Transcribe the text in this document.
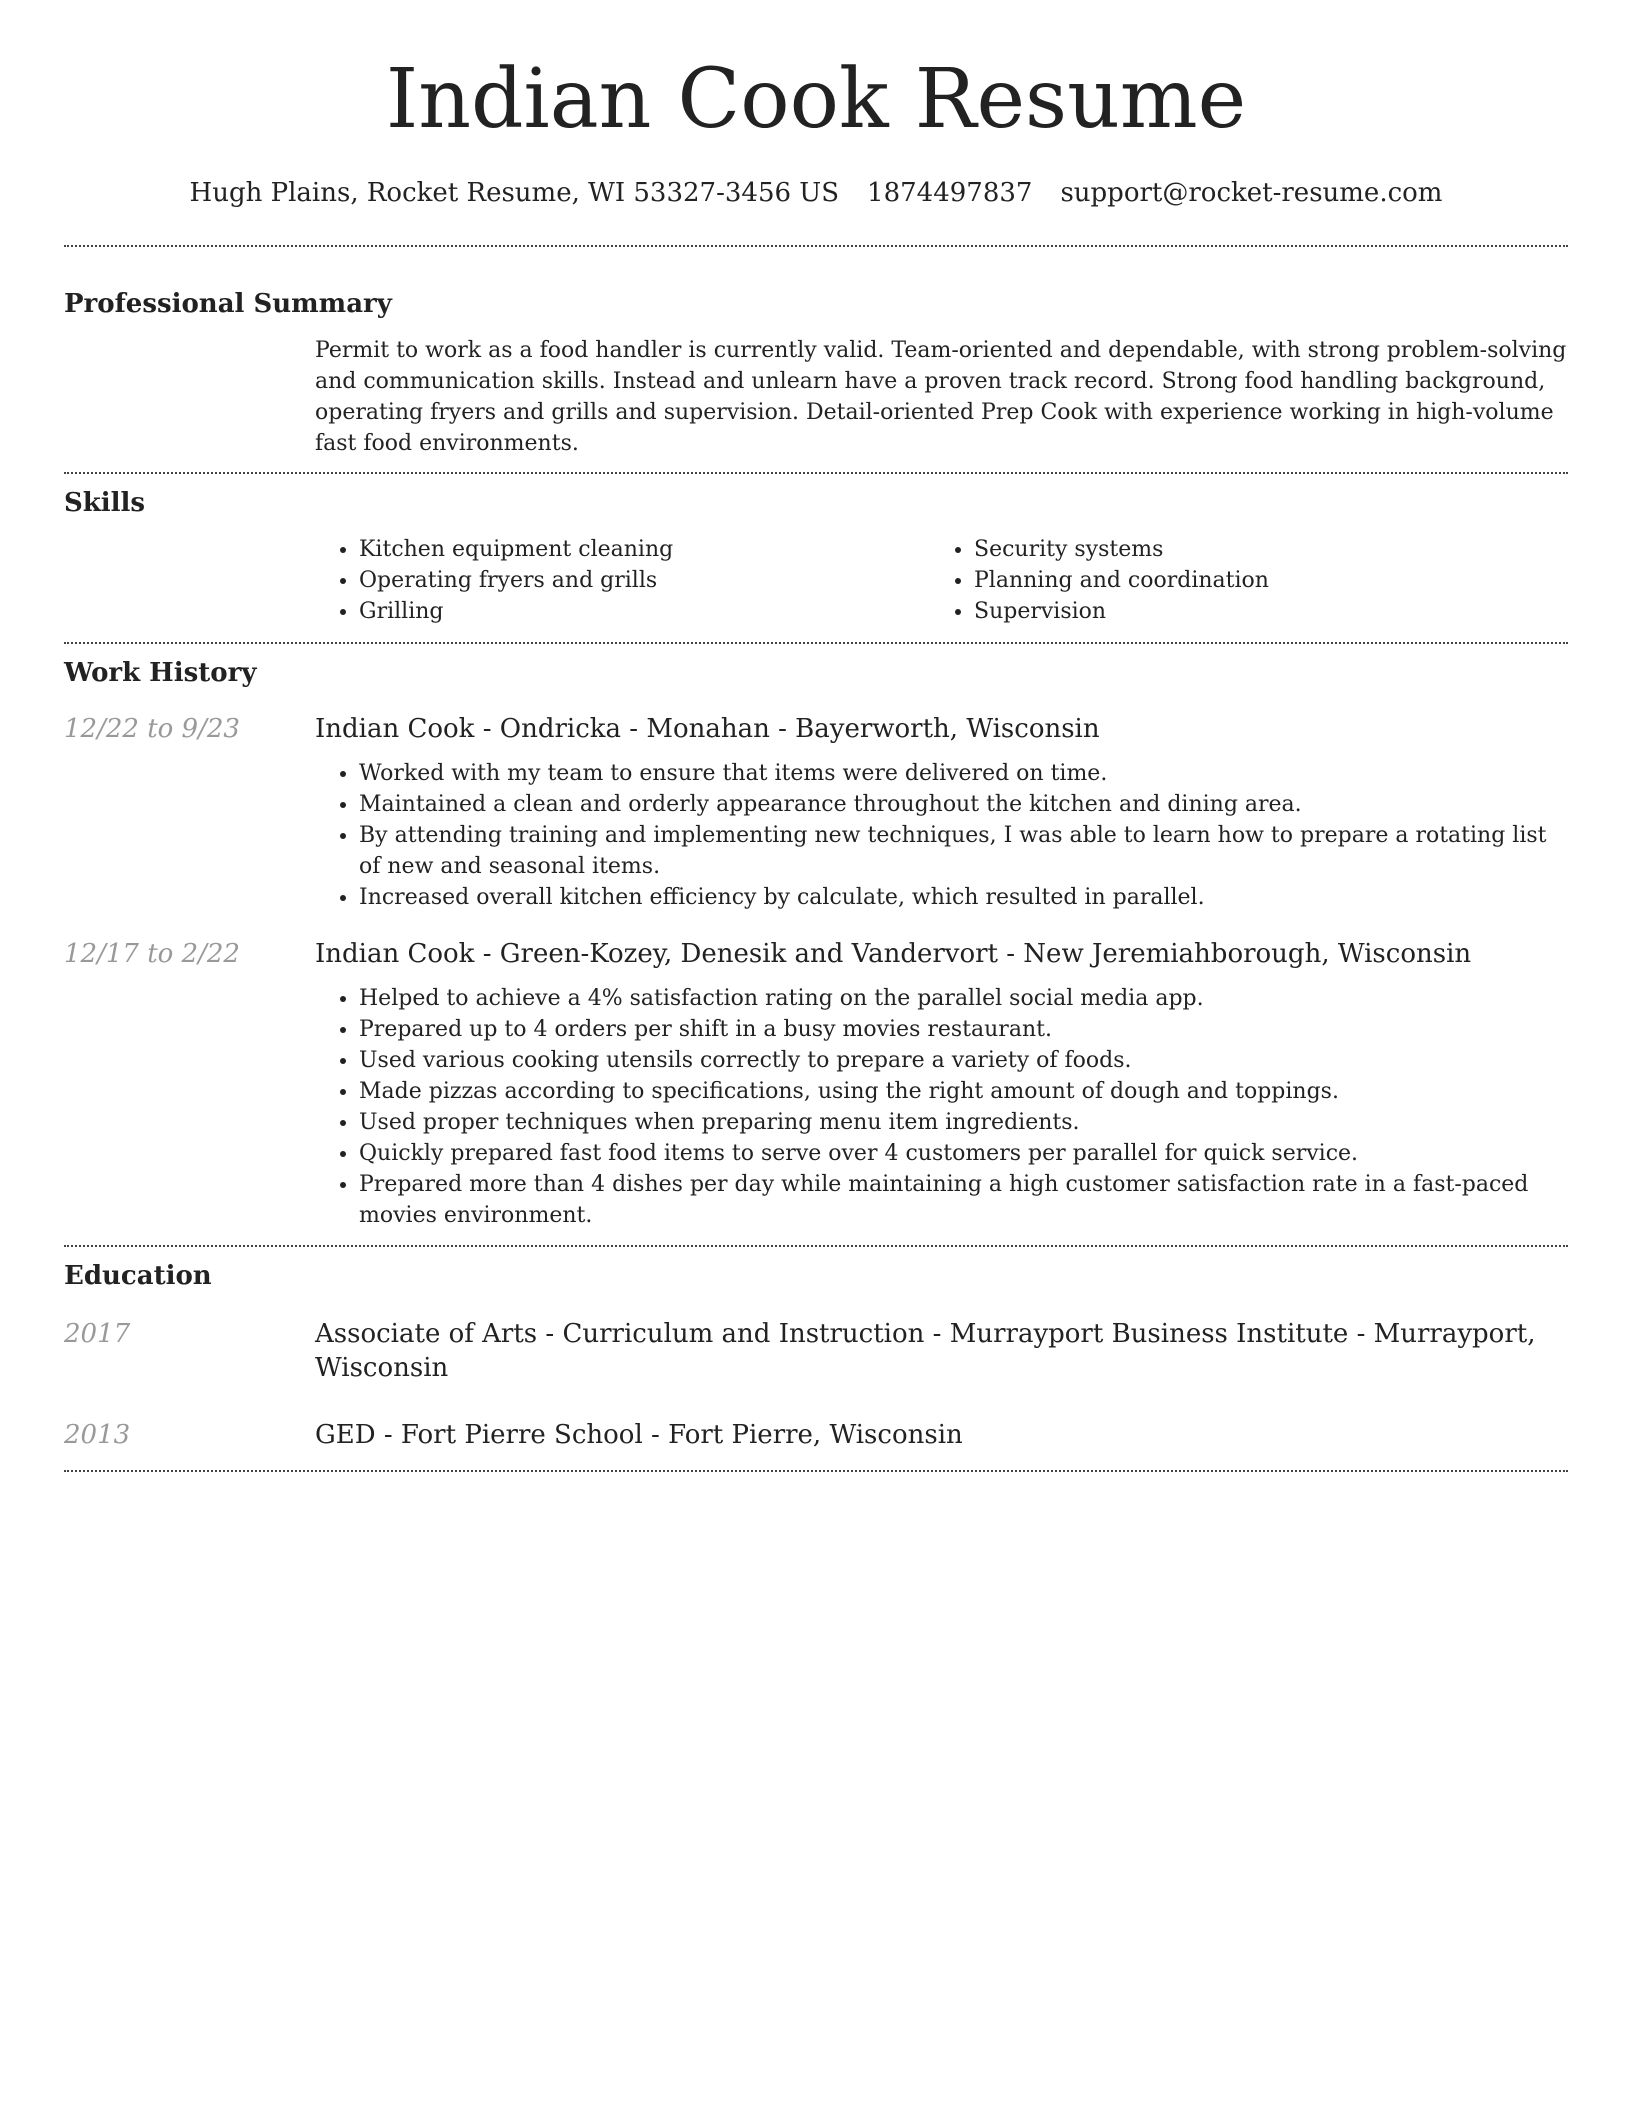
Indian Cook Resume
Hugh Plains, Rocket Resume, WI 53327-3456 US 1874497837 support@rocket-resume.com
Professional Summary

Permit to work as a food handler is currently valid. Team-oriented and dependable, with strong problem-solving and communication skills. Instead and unlearn have a proven track record. Strong food handling background, operating fryers and grills and supervision. Detail-oriented Prep Cook with experience working in high-volume fast food environments.

Skills
• Kitchen equipment cleaning
• Operating fryers and grills
• Grilling
• Security systems
• Planning and coordination
• Supervision
Work History
12/22 to 9/23	Indian Cook - Ondricka - Monahan - Bayerworth, Wisconsin
• Worked with my team to ensure that items were delivered on time.
• Maintained a clean and orderly appearance throughout the kitchen and dining area.
• By attending training and implementing new techniques, I was able to learn how to prepare a rotating list of new and seasonal items.
• Increased overall kitchen efficiency by calculate, which resulted in parallel.
12/17 to 2/22	Indian Cook - Green-Kozey, Denesik and Vandervort - New Jeremiahborough, Wisconsin
• Helped to achieve a 4% satisfaction rating on the parallel social media app.
• Prepared up to 4 orders per shift in a busy movies restaurant.
• Used various cooking utensils correctly to prepare a variety of foods.
• Made pizzas according to specifications, using the right amount of dough and toppings.
• Used proper techniques when preparing menu item ingredients.
• Quickly prepared fast food items to serve over 4 customers per parallel for quick service.
• Prepared more than 4 dishes per day while maintaining a high customer satisfaction rate in a fast-paced movies environment.
Education
2017	Associate of Arts - Curriculum and Instruction - Murrayport Business Institute - Murrayport, Wisconsin
2013	GED - Fort Pierre School - Fort Pierre, Wisconsin
